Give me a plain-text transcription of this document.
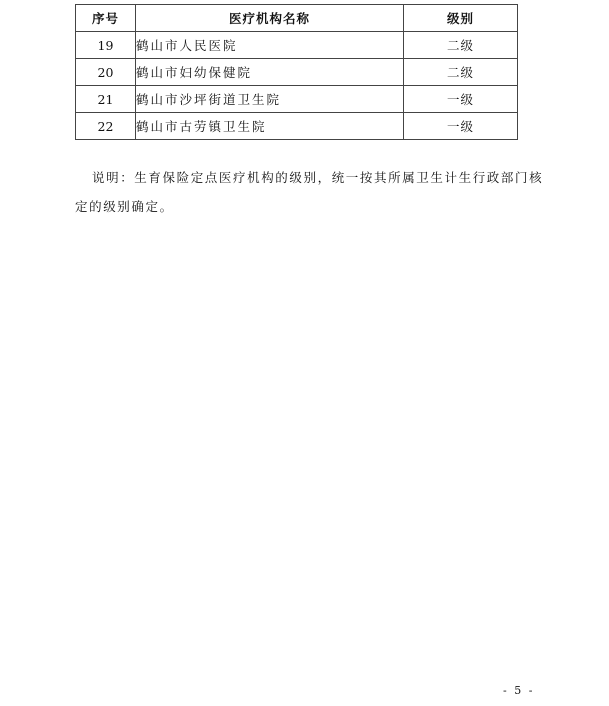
序号	医疗机构名称	级别
19	鹤山市人民医院	二级
20	鹤山市妇幼保健院	二级
21	鹤山市沙坪街道卫生院	一级
22	鹤山市古劳镇卫生院	一级

说明：生育保险定点医疗机构的级别，统一按其所属卫生计生行政部门核定的级别确定。

- 5 -
